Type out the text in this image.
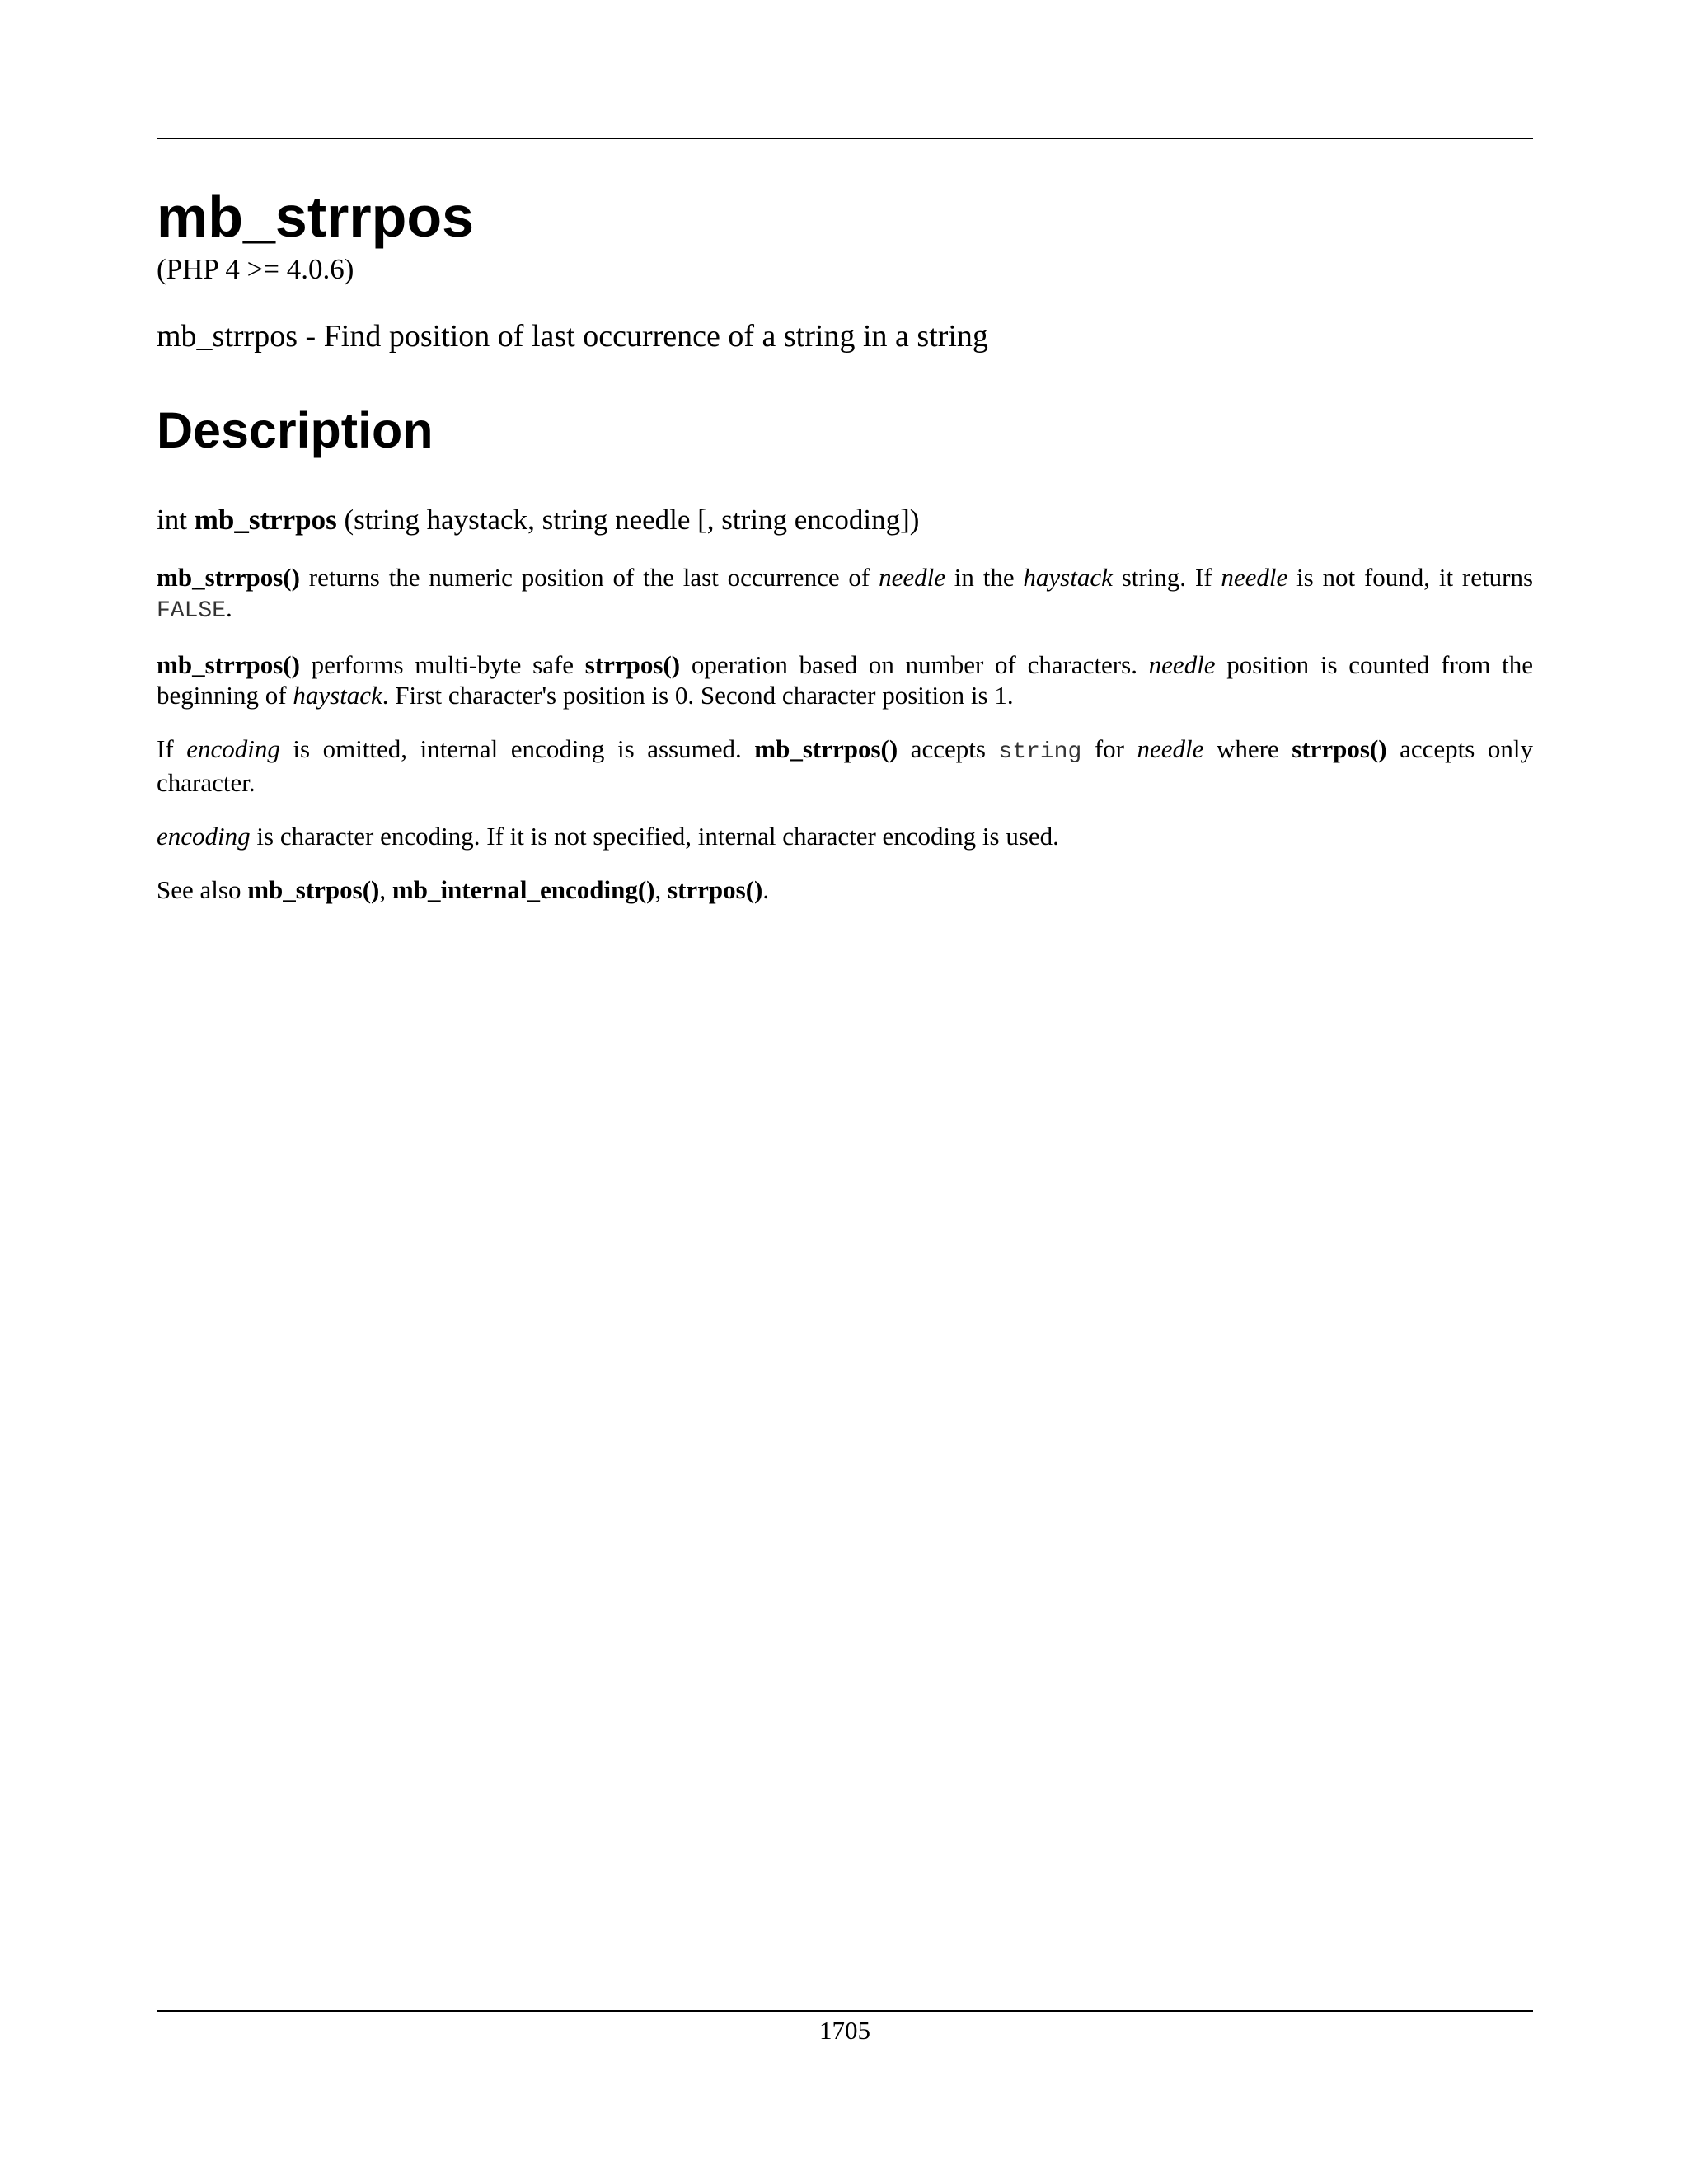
mb_strrpos
(PHP 4 >= 4.0.6)
mb_strrpos - Find position of last occurrence of a string in a string
Description
int mb_strrpos (string haystack, string needle [, string encoding])

mb_strrpos() returns the numeric position of the last occurrence of needle in the haystack string. If needle is not found, it returns FALSE.

mb_strrpos() performs multi-byte safe strrpos() operation based on number of characters. needle position is counted from the beginning of haystack. First character's position is 0. Second character position is 1.

If encoding is omitted, internal encoding is assumed. mb_strrpos() accepts string for needle where strrpos() accepts only character.

encoding is character encoding. If it is not specified, internal character encoding is used.

See also mb_strpos(), mb_internal_encoding(), strrpos().

1705
